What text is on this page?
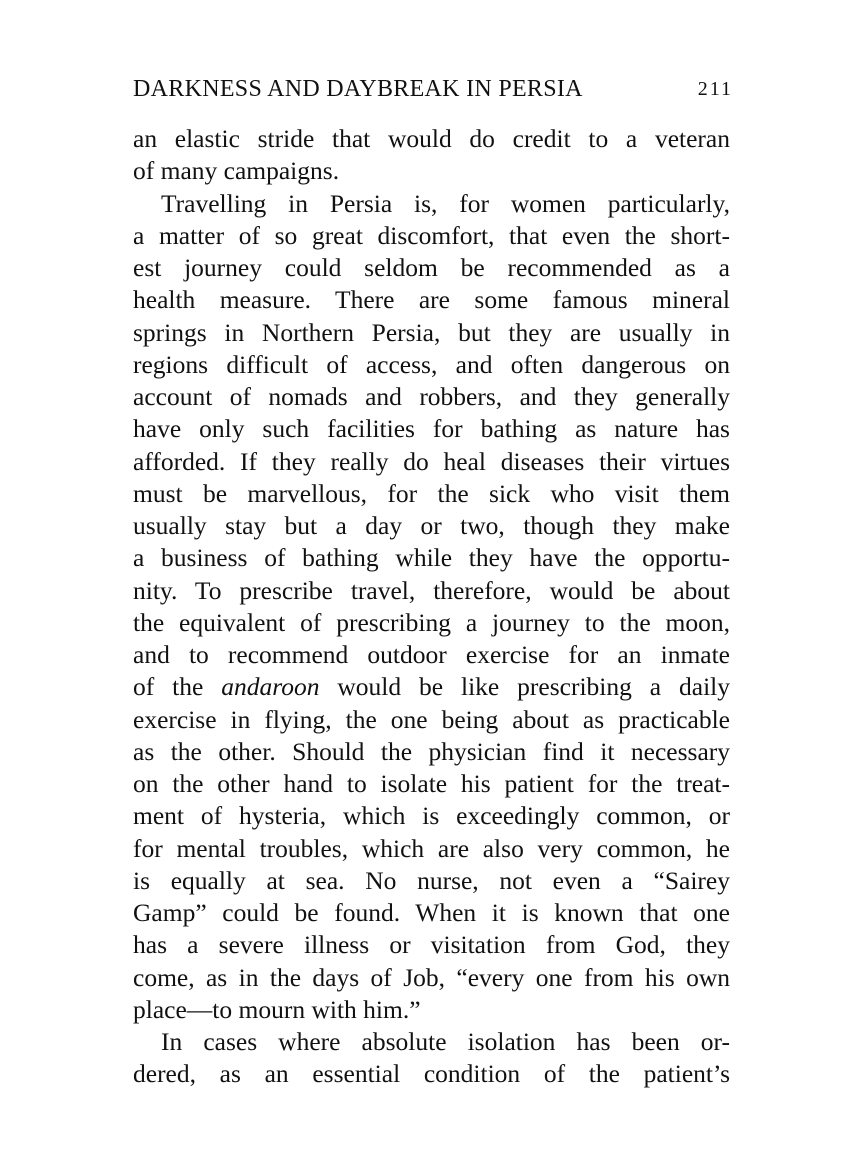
DARKNESS AND DAYBREAK IN PERSIA	211
an elastic stride that would do credit to a veteran
of many campaigns.
Travelling in Persia is, for women particularly,
a matter of so great discomfort, that even the short-
est journey could seldom be recommended as a
health measure. There are some famous mineral
springs in Northern Persia, but they are usually in
regions difficult of access, and often dangerous on
account of nomads and robbers, and they generally
have only such facilities for bathing as nature has
afforded. If they really do heal diseases their virtues
must be marvellous, for the sick who visit them
usually stay but a day or two, though they make
a business of bathing while they have the opportu-
nity. To prescribe travel, therefore, would be about
the equivalent of prescribing a journey to the moon,
and to recommend outdoor exercise for an inmate
of the andaroon would be like prescribing a daily
exercise in flying, the one being about as practicable
as the other. Should the physician find it necessary
on the other hand to isolate his patient for the treat-
ment of hysteria, which is exceedingly common, or
for mental troubles, which are also very common, he
is equally at sea. No nurse, not even a “Sairey
Gamp” could be found. When it is known that one
has a severe illness or visitation from God, they
come, as in the days of Job, “every one from his own
place—to mourn with him.”
In cases where absolute isolation has been or-
dered, as an essential condition of the patient’s
